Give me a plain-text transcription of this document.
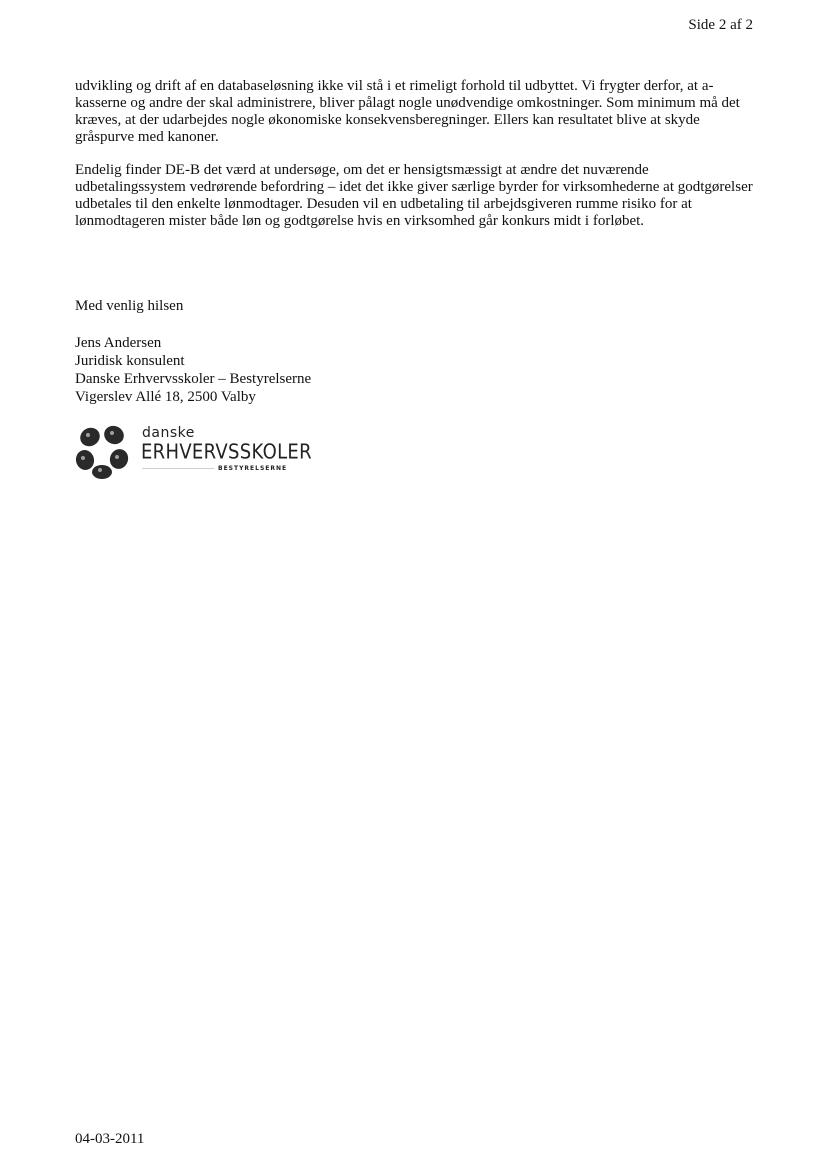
Side 2 af 2

udvikling og drift af en databaseløsning ikke vil stå i et rimeligt forhold til udbyttet. Vi frygter derfor, at a-kasserne og andre der skal administrere, bliver pålagt nogle unødvendige omkostninger. Som minimum må det kræves, at der udarbejdes nogle økonomiske konsekvensberegninger. Ellers kan resultatet blive at skyde gråspurve med kanoner.

Endelig finder DE-B det værd at undersøge, om det er hensigtsmæssigt at ændre det nuværende udbetalingssystem vedrørende befordring – idet det ikke giver særlige byrder for virksomhederne at godtgørelser udbetales til den enkelte lønmodtager. Desuden vil en udbetaling til arbejdsgiveren rumme risiko for at lønmodtageren mister både løn og godtgørelse hvis en virksomhed går konkurs midt i forløbet.

Med venlig hilsen
Jens Andersen
Juridisk konsulent
Danske Erhvervsskoler – Bestyrelserne
Vigerslev Allé 18, 2500 Valby
danske
ERHVERVSSKOLER
BESTYRELSERNE
04-03-2011
